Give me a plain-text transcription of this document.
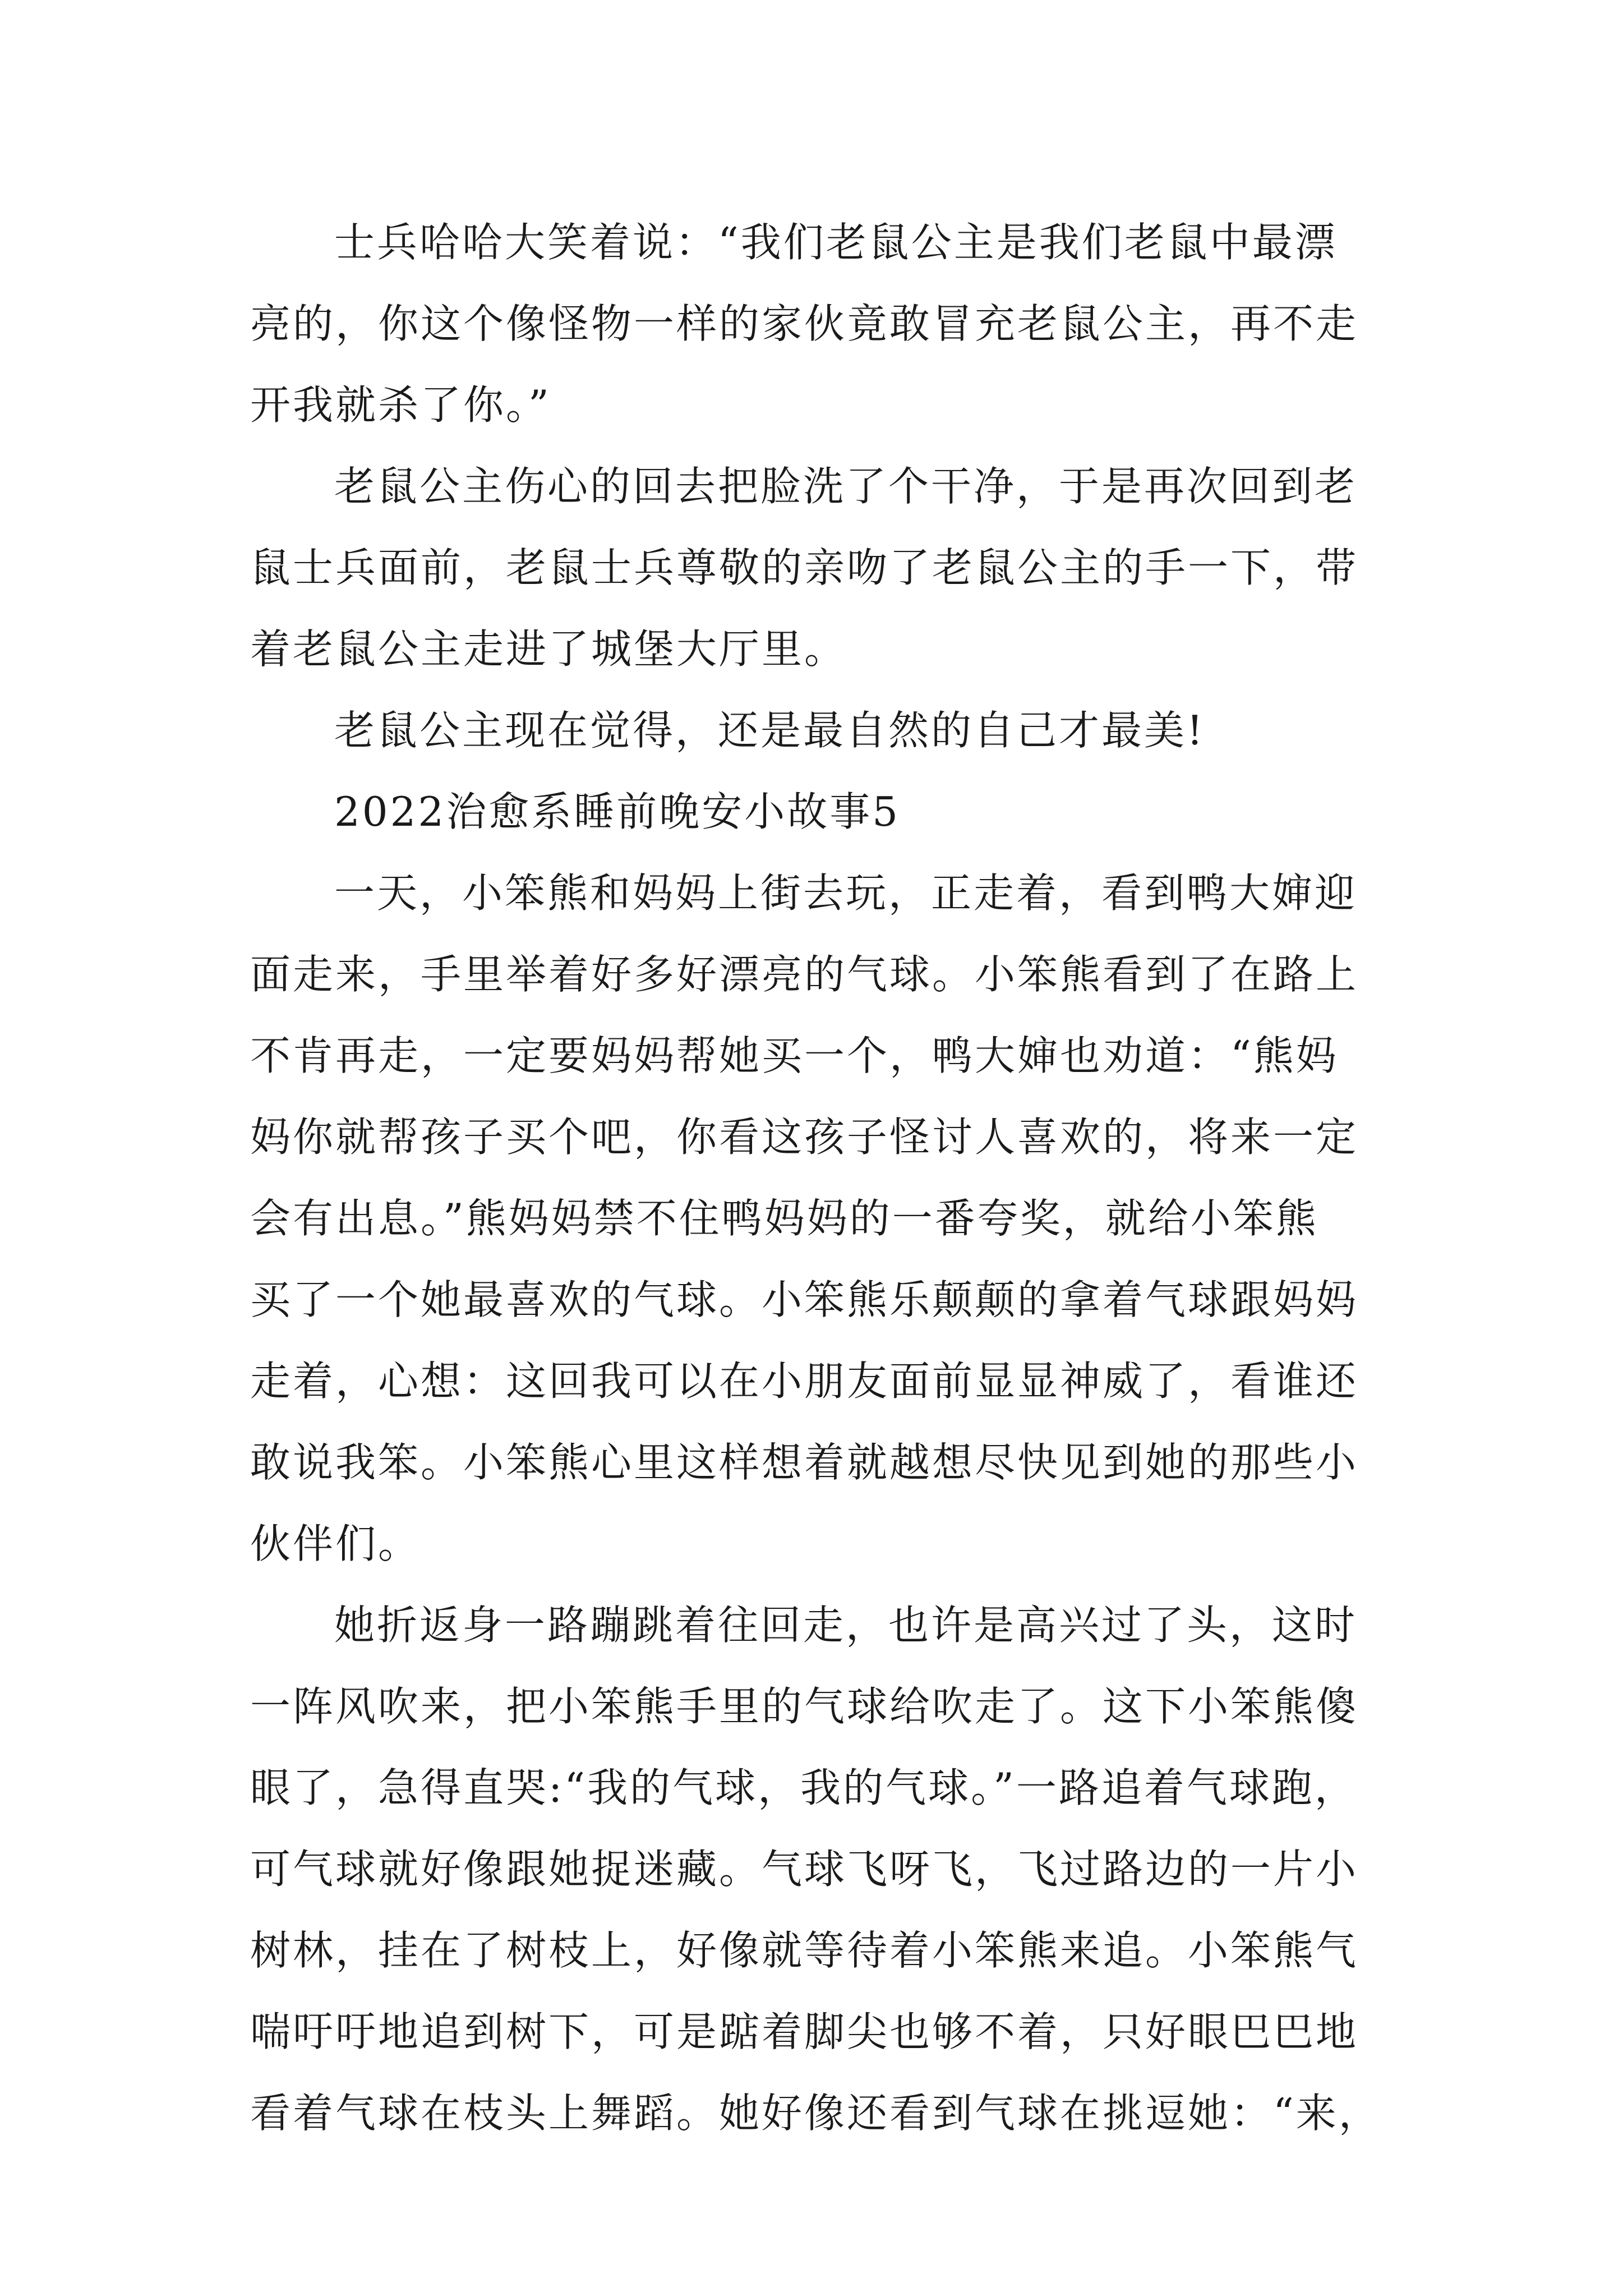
士兵哈哈大笑着说：“我们老鼠公主是我们老鼠中最漂
亮的，你这个像怪物一样的家伙竟敢冒充老鼠公主，再不走
开我就杀了你。”
老鼠公主伤心的回去把脸洗了个干净，于是再次回到老
鼠士兵面前，老鼠士兵尊敬的亲吻了老鼠公主的手一下，带
着老鼠公主走进了城堡大厅里。
老鼠公主现在觉得，还是最自然的自己才最美!
2022治愈系睡前晚安小故事5
一天，小笨熊和妈妈上街去玩，正走着，看到鸭大婶迎
面走来，手里举着好多好漂亮的气球。小笨熊看到了在路上
不肯再走，一定要妈妈帮她买一个，鸭大婶也劝道：“熊妈
妈你就帮孩子买个吧，你看这孩子怪讨人喜欢的，将来一定
会有出息。”熊妈妈禁不住鸭妈妈的一番夸奖，就给小笨熊
买了一个她最喜欢的气球。小笨熊乐颠颠的拿着气球跟妈妈
走着，心想：这回我可以在小朋友面前显显神威了，看谁还
敢说我笨。小笨熊心里这样想着就越想尽快见到她的那些小
伙伴们。
她折返身一路蹦跳着往回走，也许是高兴过了头，这时
一阵风吹来，把小笨熊手里的气球给吹走了。这下小笨熊傻
眼了，急得直哭:“我的气球，我的气球。”一路追着气球跑，
可气球就好像跟她捉迷藏。气球飞呀飞，飞过路边的一片小
树林，挂在了树枝上，好像就等待着小笨熊来追。小笨熊气
喘吁吁地追到树下，可是踮着脚尖也够不着，只好眼巴巴地
看着气球在枝头上舞蹈。她好像还看到气球在挑逗她：“来，
